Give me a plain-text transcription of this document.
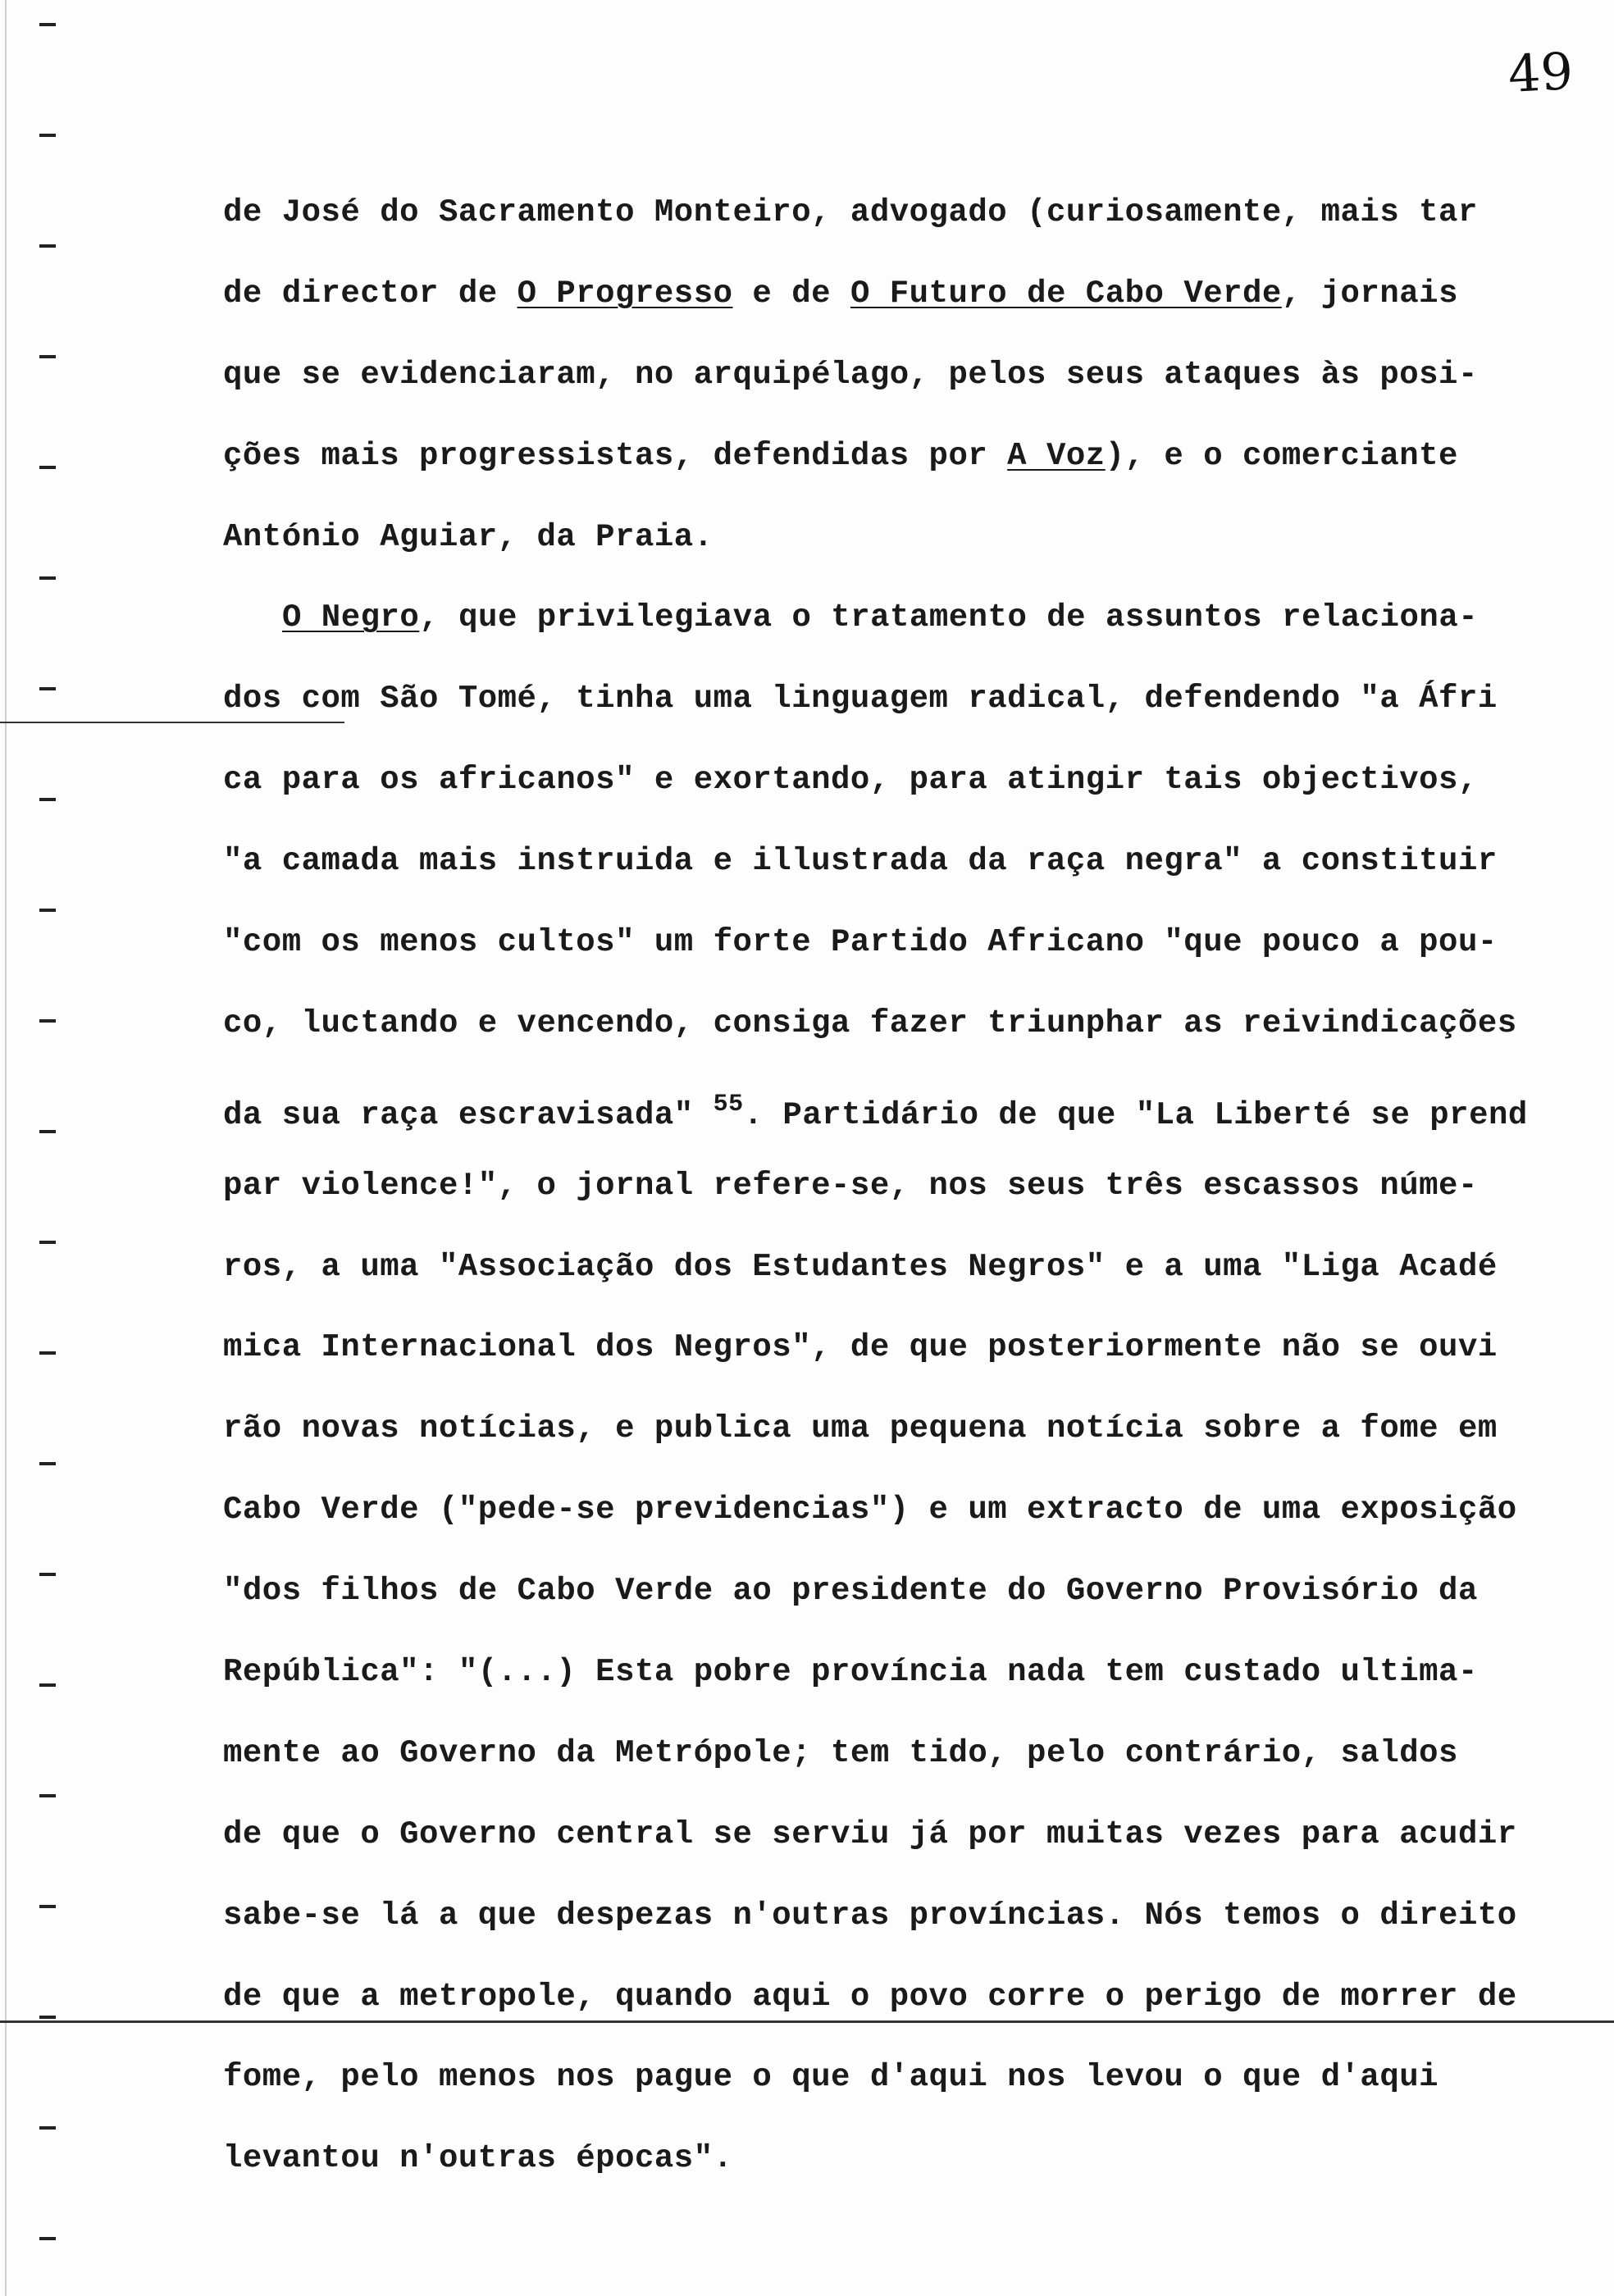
49
de José do Sacramento Monteiro, advogado (curiosamente, mais tar
de director de O Progresso e de O Futuro de Cabo Verde, jornais
que se evidenciaram, no arquipélago, pelos seus ataques às posi-
ções mais progressistas, defendidas por A Voz), e o comerciante
António Aguiar, da Praia.
O Negro, que privilegiava o tratamento de assuntos relaciona-
dos com São Tomé, tinha uma linguagem radical, defendendo "a Áfri
ca para os africanos" e exortando, para atingir tais objectivos,
"a camada mais instruida e illustrada da raça negra" a constituir
"com os menos cultos" um forte Partido Africano "que pouco a pou-
co, luctando e vencendo, consiga fazer triunphar as reivindicações
da sua raça escravisada" $^{55}$. Partidário de que "La Liberté se prend
par violence!", o jornal refere-se, nos seus três escassos núme-
ros, a uma "Associação dos Estudantes Negros" e a uma "Liga Acadé
mica Internacional dos Negros", de que posteriormente não se ouvi
rão novas notícias, e publica uma pequena notícia sobre a fome em
Cabo Verde ("pede-se previdencias") e um extracto de uma exposição
"dos filhos de Cabo Verde ao presidente do Governo Provisório da
República": "(...) Esta pobre província nada tem custado ultima-
mente ao Governo da Metrópole; tem tido, pelo contrário, saldos
de que o Governo central se serviu já por muitas vezes para acudir
sabe-se lá a que despezas n'outras províncias. Nós temos o direito
de que a metropole, quando aqui o povo corre o perigo de morrer de
fome, pelo menos nos pague o que d'aqui nos levou o que d'aqui
levantou n'outras épocas".
